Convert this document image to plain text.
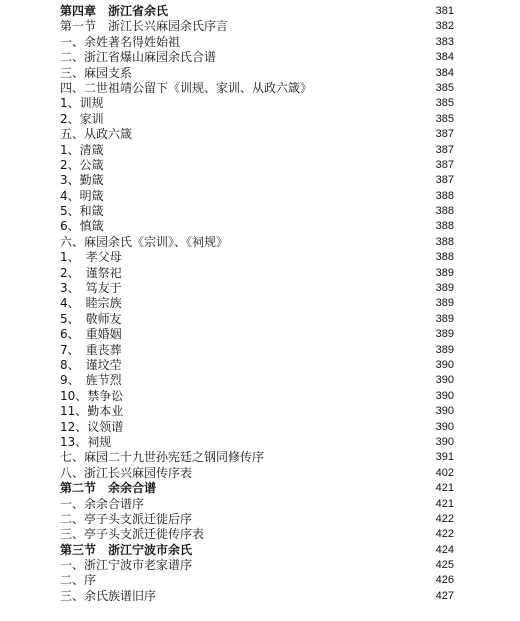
第四章　浙江省余氏	381
第一节　浙江长兴麻园余氏序言	382
一、余姓著名得姓始祖	383
二、浙江省爆山麻园余氏合谱	384
三、麻园支系	384
四、二世祖靖公留下《训规、家训、从政六箴》	385
1、训规	385
2、家训	385
五、从政六箴	387
1、清箴	387
2、公箴	387
3、勤箴	387
4、明箴	388
5、和箴	388
6、慎箴	388
六、麻园余氏《宗训》、《祠规》	388
1、　孝父母	388
2、　谨祭祀	389
3、　笃友于	389
4、　睦宗族	389
5、　敬师友	389
6、　重婚姻	389
7、　重丧葬	389
8、　谨坟茔	390
9、　旌节烈	390
10、禁争讼	390
11、勤本业	390
12、议领谱	390
13、祠规	390
七、麻园二十九世孙宪廷之钢同修传序	391
八、浙江长兴麻园传序表	402
第二节　余余合谱	421
一、余余合谱序	421
二、亭子头支派迁徙后序	422
三、亭子头支派迁徙传序表	422
第三节　浙江宁波市余氏	424
一、浙江宁波市老家谱序	425
二、序	426
三、余氏族谱旧序	427
